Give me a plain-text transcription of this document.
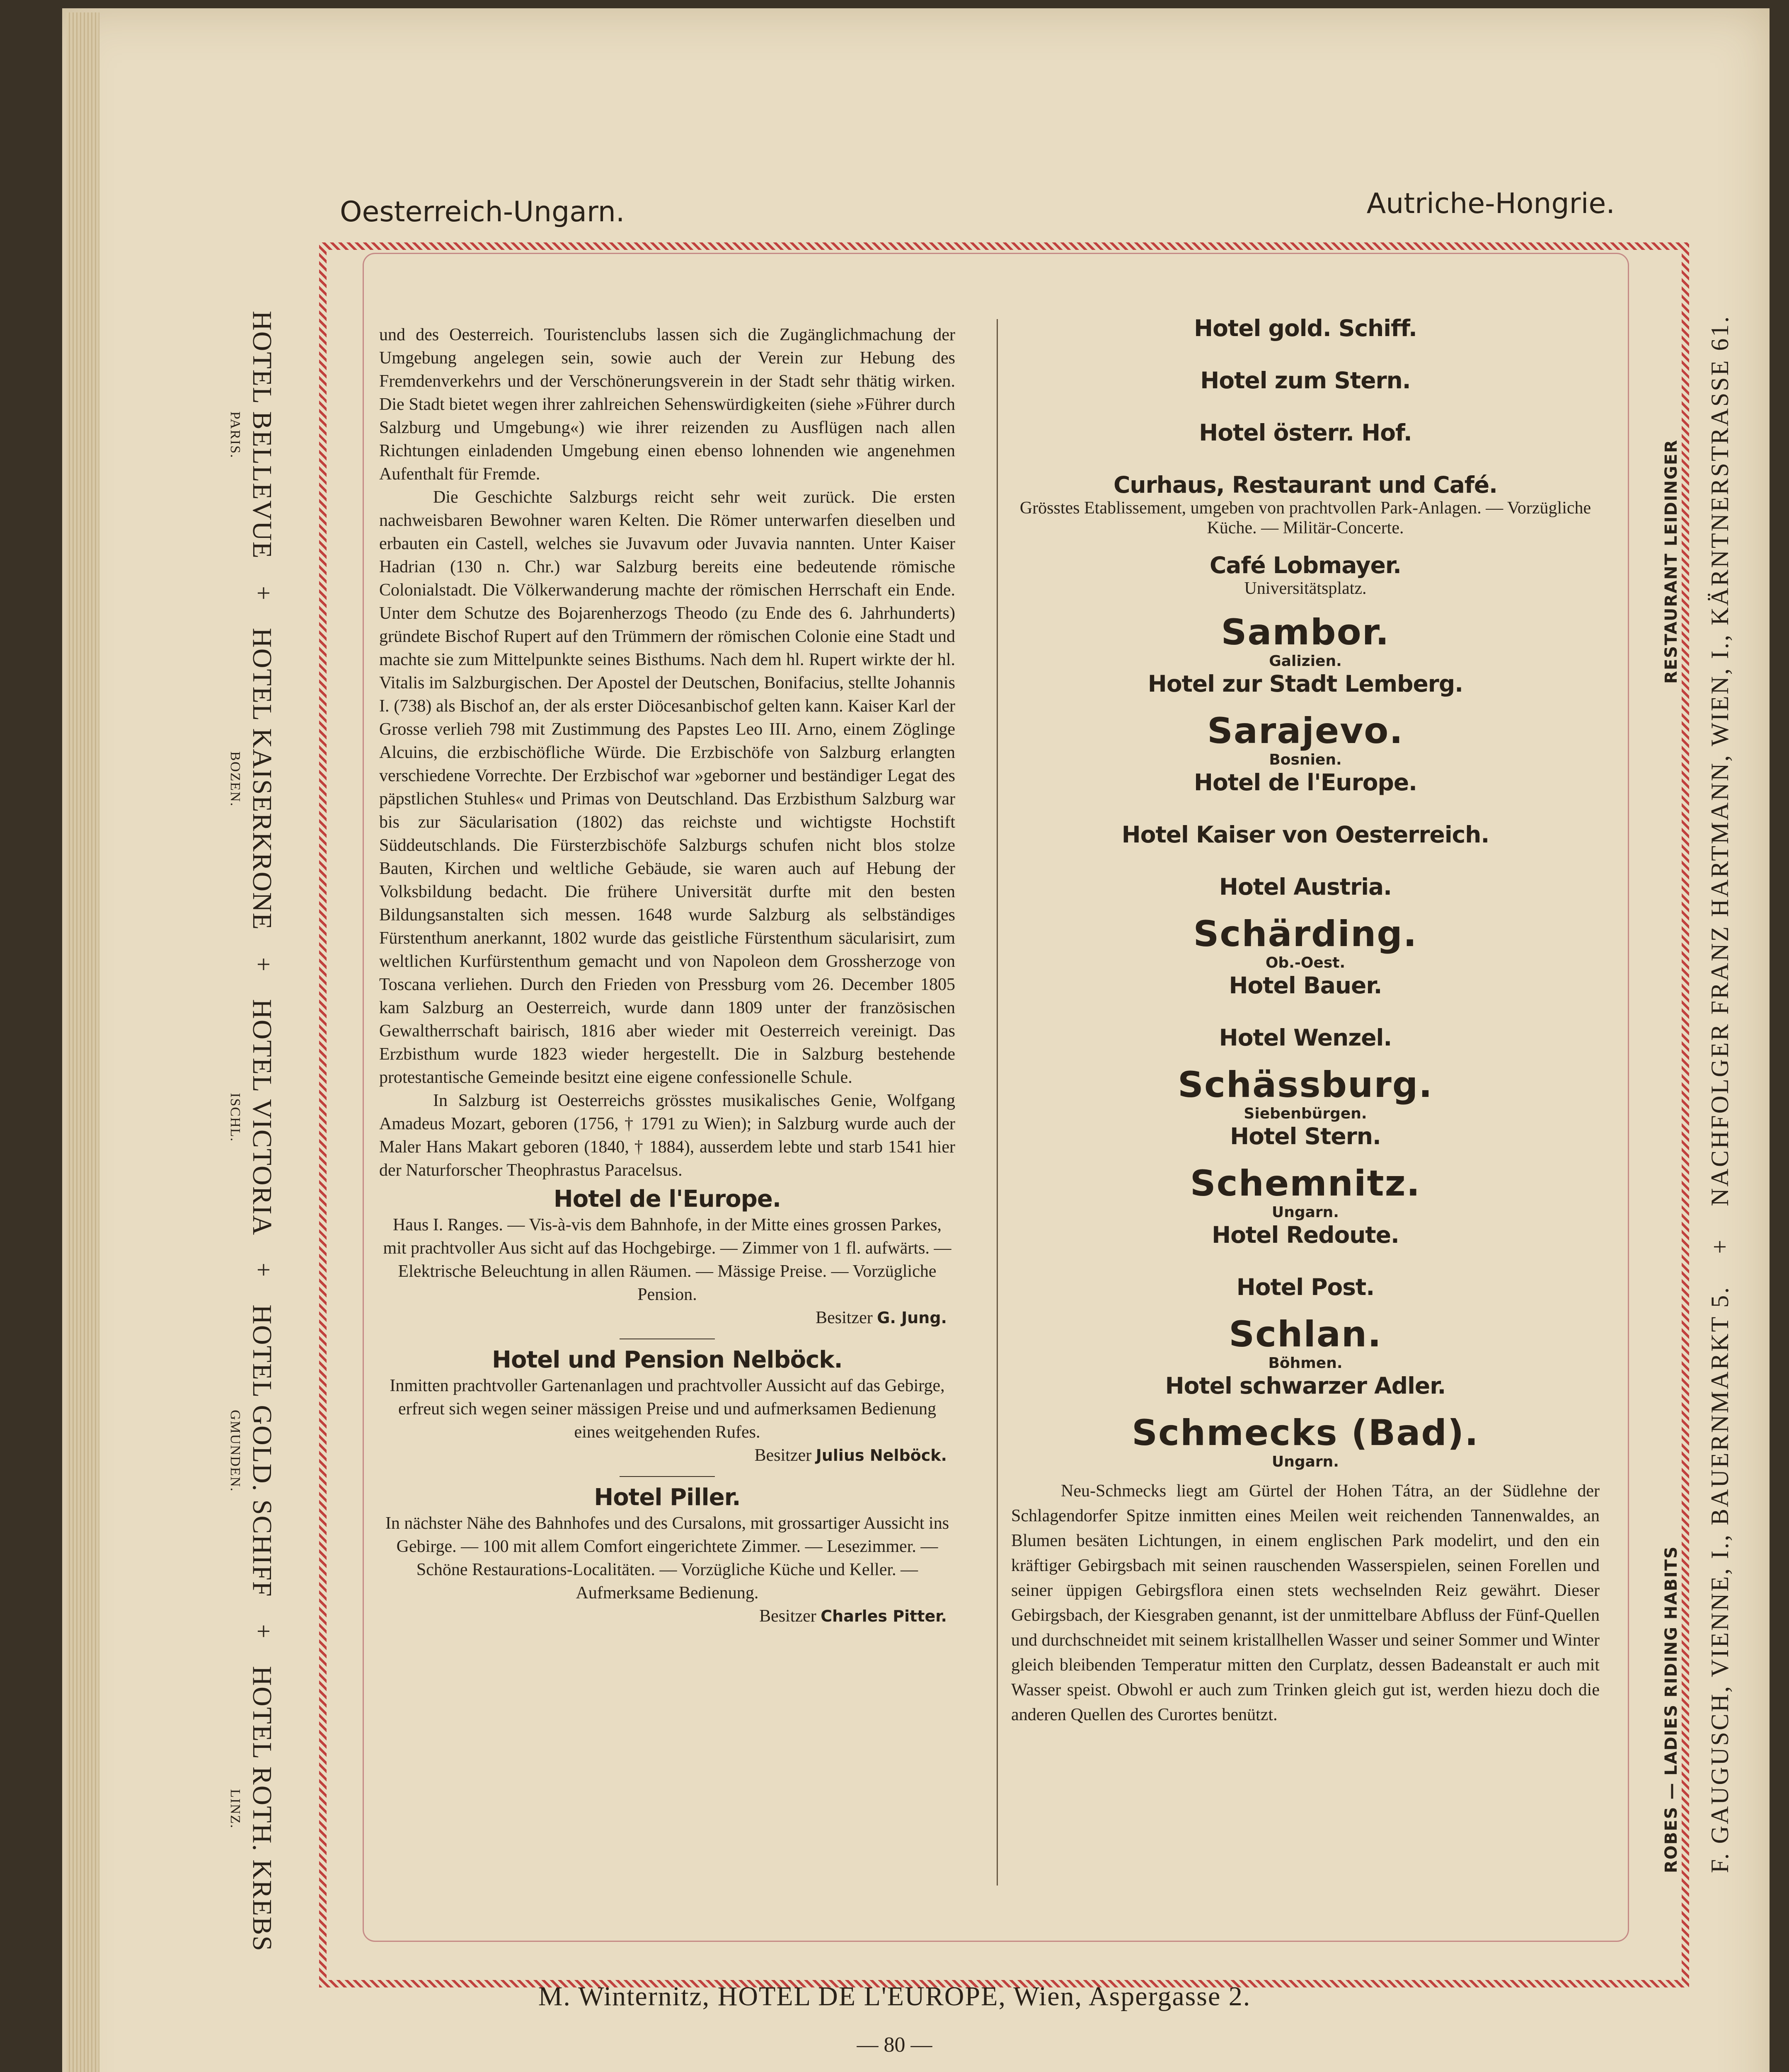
Oesterreich-Ungarn.	Autriche-Hongrie.
HOTEL BELLEVUE
PARIS.
+ HOTEL KAISERKRONE
BOZEN.
+ HOTEL VICTORIA
ISCHL.
+ HOTEL GOLD. SCHIFF
GMUNDEN.
+ HOTEL ROTH. KREBS
LINZ.	ROBES — LADIES RIDING HABITS
RESTAURANT LEIDINGER
F. GAUGUSCH, VIENNE, I., BAUERNMARKT 5. + NACHFOLGER FRANZ HARTMANN, WIEN, I., KÄRNTNERSTRASSE 61.

und des Oesterreich. Touristenclubs lassen sich die Zugänglichmachung der Umgebung angelegen sein, sowie auch der Verein zur Hebung des Fremdenverkehrs und der Verschönerungsverein in der Stadt sehr thätig wirken. Die Stadt bietet wegen ihrer zahlreichen Sehenswürdigkeiten (siehe »Führer durch Salzburg und Umgebung«) wie ihrer reizenden zu Ausflügen nach allen Richtungen einladenden Umgebung einen ebenso lohnenden wie angenehmen Aufenthalt für Fremde.

Die Geschichte Salzburgs reicht sehr weit zurück. Die ersten nachweisbaren Bewohner waren Kelten. Die Römer unterwarfen dieselben und erbauten ein Castell, welches sie Juvavum oder Juvavia nannten. Unter Kaiser Hadrian (130 n. Chr.) war Salzburg bereits eine bedeutende römische Colonialstadt. Die Völkerwanderung machte der römischen Herrschaft ein Ende. Unter dem Schutze des Bojarenherzogs Theodo (zu Ende des 6. Jahrhunderts) gründete Bischof Rupert auf den Trümmern der römischen Colonie eine Stadt und machte sie zum Mittelpunkte seines Bisthums. Nach dem hl. Rupert wirkte der hl. Vitalis im Salzburgischen. Der Apostel der Deutschen, Bonifacius, stellte Johannis I. (738) als Bischof an, der als erster Diöcesanbischof gelten kann. Kaiser Karl der Grosse verlieh 798 mit Zustimmung des Papstes Leo III. Arno, einem Zöglinge Alcuins, die erzbischöfliche Würde. Die Erzbischöfe von Salzburg erlangten verschiedene Vorrechte. Der Erzbischof war »geborner und beständiger Legat des päpstlichen Stuhles« und Primas von Deutschland. Das Erzbisthum Salzburg war bis zur Säcularisation (1802) das reichste und wichtigste Hochstift Süddeutschlands. Die Fürsterzbischöfe Salzburgs schufen nicht blos stolze Bauten, Kirchen und weltliche Gebäude, sie waren auch auf Hebung der Volksbildung bedacht. Die frühere Universität durfte mit den besten Bildungsanstalten sich messen. 1648 wurde Salzburg als selbständiges Fürstenthum anerkannt, 1802 wurde das geistliche Fürstenthum säcularisirt, zum weltlichen Kurfürstenthum gemacht und von Napoleon dem Grossherzoge von Toscana verliehen. Durch den Frieden von Pressburg vom 26. December 1805 kam Salzburg an Oesterreich, wurde dann 1809 unter der französischen Gewaltherrschaft bairisch, 1816 aber wieder mit Oesterreich vereinigt. Das Erzbisthum wurde 1823 wieder hergestellt. Die in Salzburg bestehende protestantische Gemeinde besitzt eine eigene confessionelle Schule.

In Salzburg ist Oesterreichs grösstes musikalisches Genie, Wolfgang Amadeus Mozart, geboren (1756, † 1791 zu Wien); in Salzburg wurde auch der Maler Hans Makart geboren (1840, † 1884), ausserdem lebte und starb 1541 hier der Naturforscher Theophrastus Paracelsus.

Hotel de l'Europe.
Haus I. Ranges. — Vis-à-vis dem Bahnhofe, in der Mitte eines grossen Parkes, mit prachtvoller Aus sicht auf das Hochgebirge. — Zimmer von 1 fl. aufwärts. — Elektrische Beleuchtung in allen Räumen. — Mässige Preise. — Vorzügliche Pension.
Besitzer G. Jung.
Hotel und Pension Nelböck.
Inmitten prachtvoller Gartenanlagen und prachtvoller Aussicht auf das Gebirge, erfreut sich wegen seiner mässigen Preise und und aufmerksamen Bedienung eines weitgehenden Rufes.
Besitzer Julius Nelböck.
Hotel Piller.
In nächster Nähe des Bahnhofes und des Cursalons, mit grossartiger Aussicht ins Gebirge. — 100 mit allem Comfort eingerichtete Zimmer. — Lesezimmer. — Schöne Restaurations-Localitäten. — Vorzügliche Küche und Keller. — Aufmerksame Bedienung.
Besitzer Charles Pitter.
Hotel gold. Schiff.
Hotel zum Stern.
Hotel österr. Hof.
Curhaus, Restaurant und Café.
Grösstes Etablissement, umgeben von prachtvollen Park-Anlagen. — Vorzügliche Küche. — Militär-Concerte.
Café Lobmayer.
Universitätsplatz.
Sambor.
Galizien.
Hotel zur Stadt Lemberg.
Sarajevo.
Bosnien.
Hotel de l'Europe.
Hotel Kaiser von Oesterreich.
Hotel Austria.
Schärding.
Ob.-Oest.
Hotel Bauer.
Hotel Wenzel.
Schässburg.
Siebenbürgen.
Hotel Stern.
Schemnitz.
Ungarn.
Hotel Redoute.
Hotel Post.
Schlan.
Böhmen.
Hotel schwarzer Adler.
Schmecks (Bad).
Ungarn.
Neu-Schmecks liegt am Gürtel der Hohen Tátra, an der Südlehne der Schlagendorfer Spitze inmitten eines Meilen weit reichenden Tannenwaldes, an Blumen besäten Lichtungen, in einem englischen Park modelirt, und den ein kräftiger Gebirgsbach mit seinen rauschenden Wasserspielen, seinen Forellen und seiner üppigen Gebirgsflora einen stets wechselnden Reiz gewährt. Dieser Gebirgsbach, der Kiesgraben genannt, ist der unmittelbare Abfluss der Fünf-Quellen und durchschneidet mit seinem kristallhellen Wasser und seiner Sommer und Winter gleich bleibenden Temperatur mitten den Curplatz, dessen Badeanstalt er auch mit Wasser speist. Obwohl er auch zum Trinken gleich gut ist, werden hiezu doch die anderen Quellen des Curortes benützt.
M. Winternitz, HOTEL DE L'EUROPE, Wien, Aspergasse 2.
— 80 —
